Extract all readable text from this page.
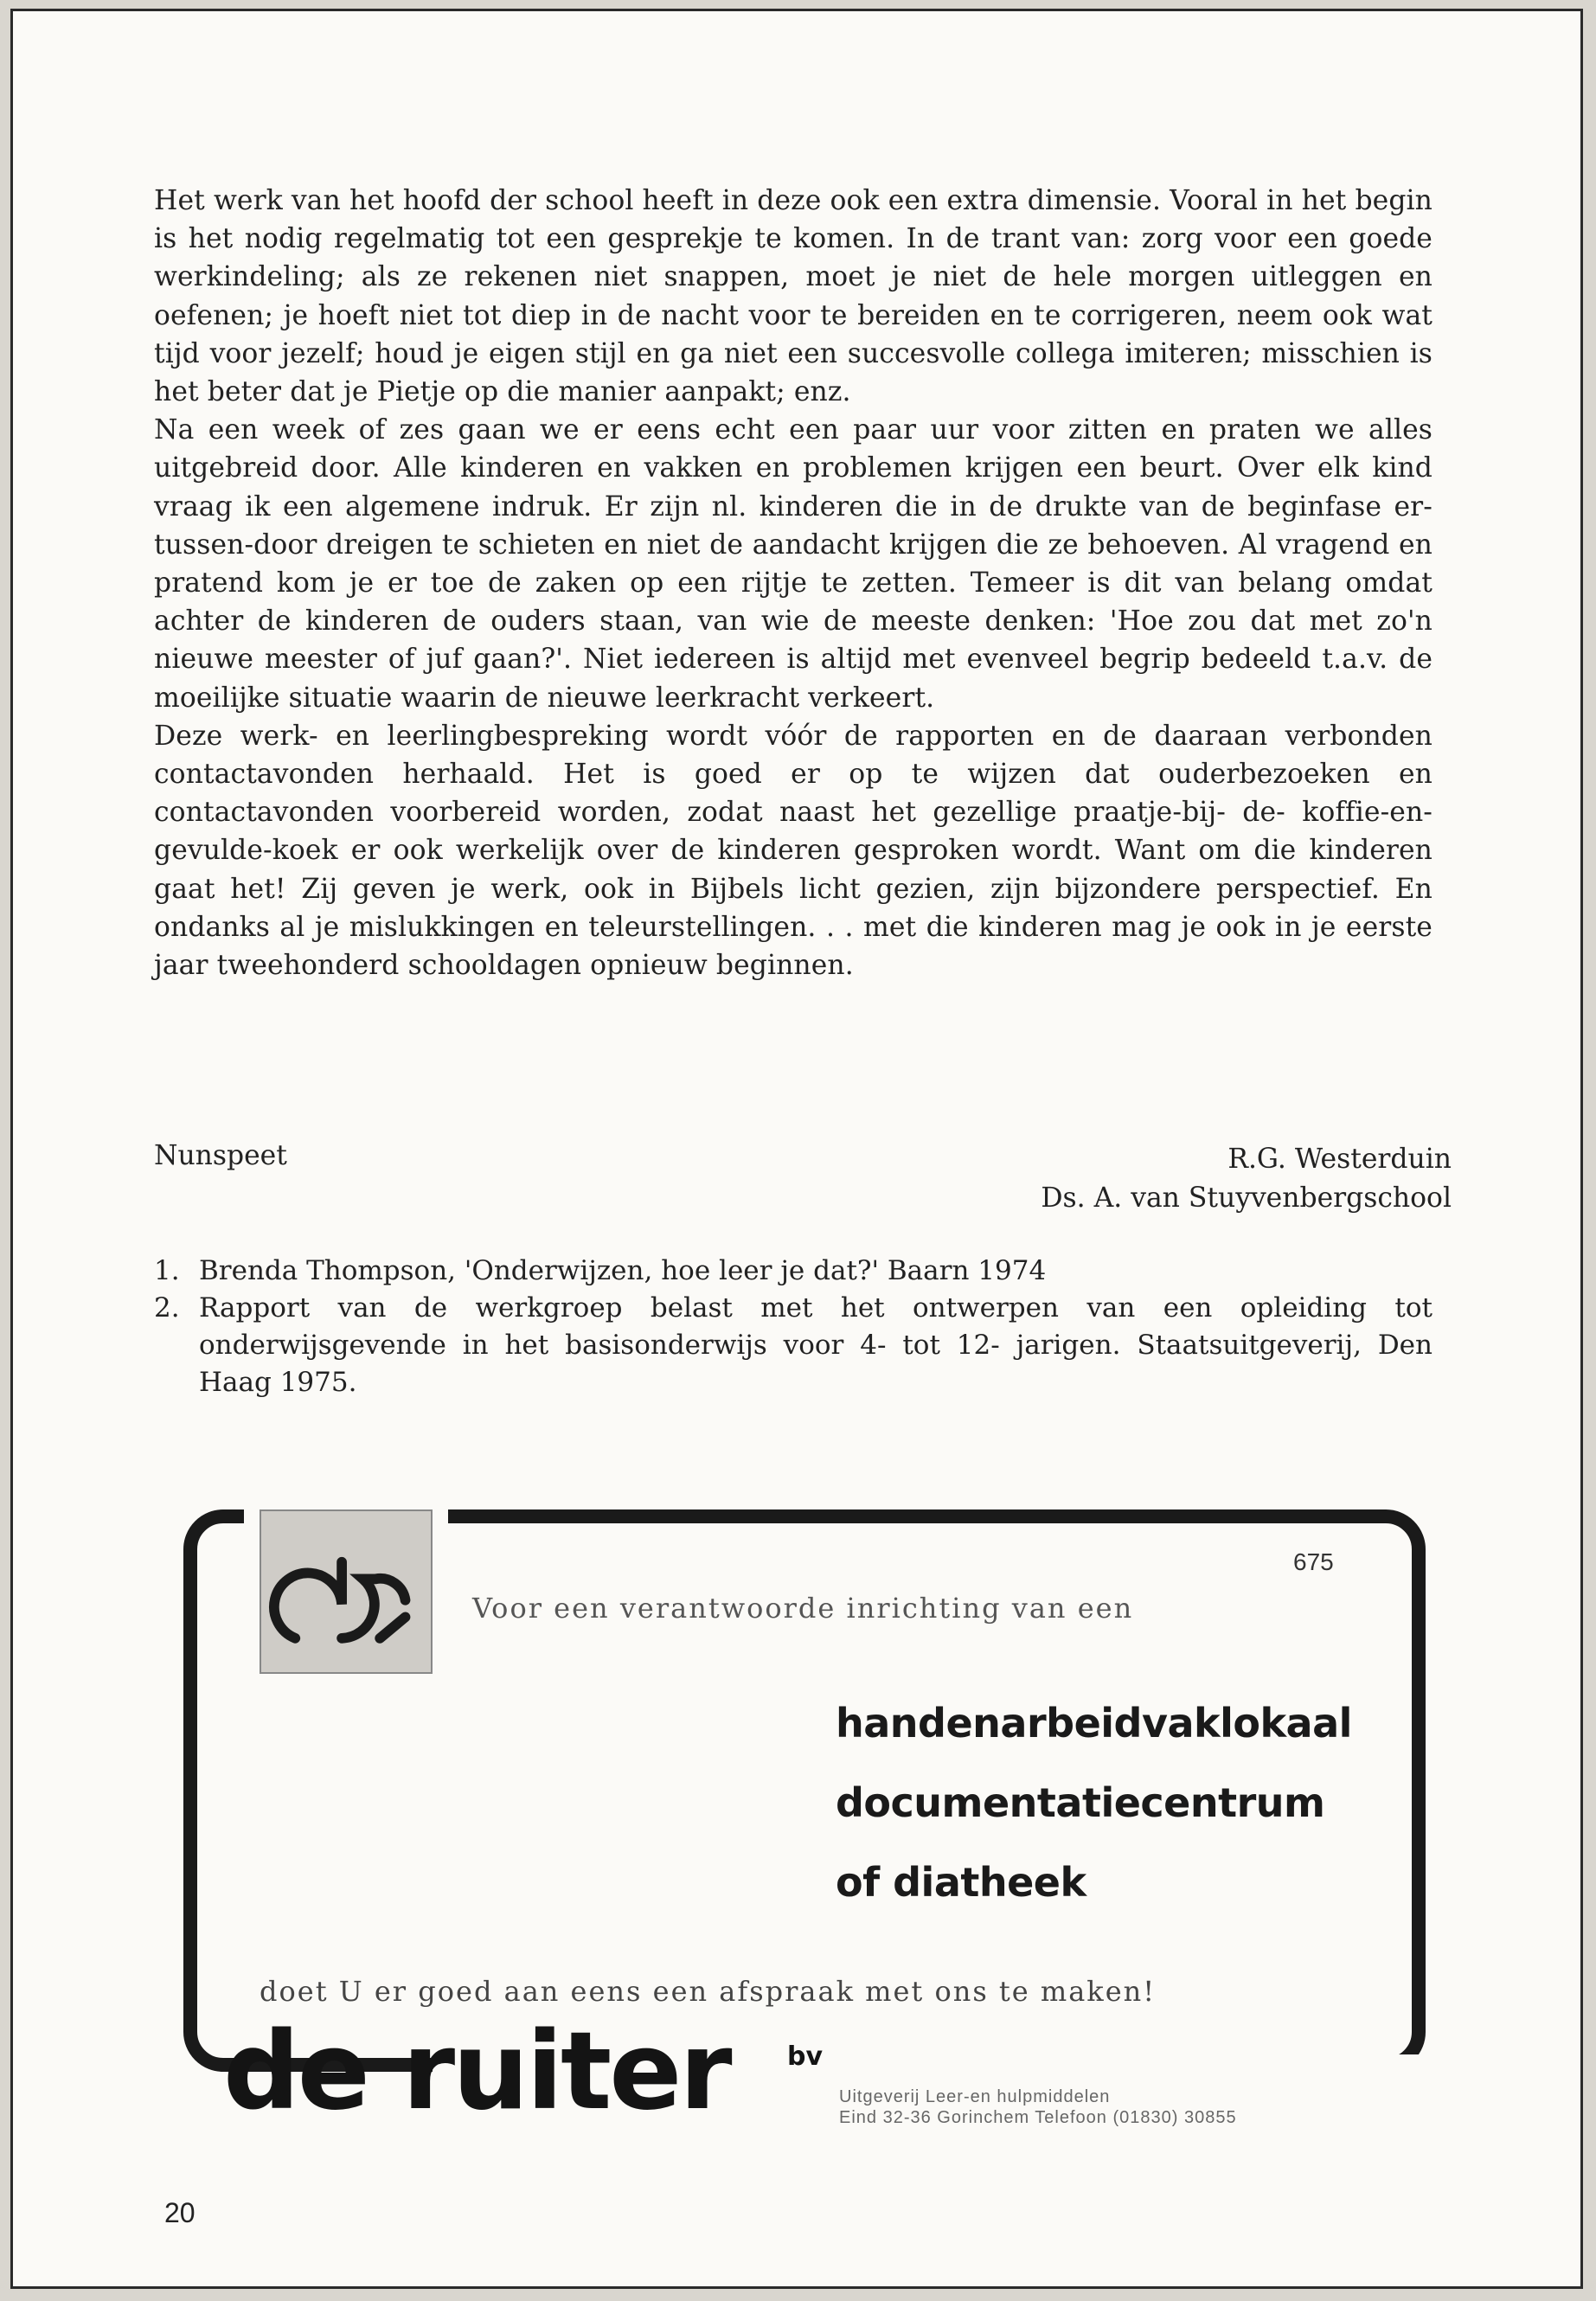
Het werk van het hoofd der school heeft in deze ook een extra dimensie. Vooral in het begin is het nodig regelmatig tot een gesprekje te komen. In de trant van: zorg voor een goede werkindeling; als ze rekenen niet snappen, moet je niet de hele morgen uitleggen en oefenen; je hoeft niet tot diep in de nacht voor te bereiden en te corrigeren, neem ook wat tijd voor jezelf; houd je eigen stijl en ga niet een succesvolle collega imiteren; misschien is het beter dat je Pietje op die manier aanpakt; enz.

Na een week of zes gaan we er eens echt een paar uur voor zitten en praten we alles uitgebreid door. Alle kinderen en vakken en problemen krijgen een beurt. Over elk kind vraag ik een algemene indruk. Er zijn nl. kinderen die in de drukte van de beginfase er-tussen-door dreigen te schieten en niet de aandacht krijgen die ze behoeven. Al vragend en pratend kom je er toe de zaken op een rijtje te zetten. Temeer is dit van belang omdat achter de kinderen de ouders staan, van wie de meeste denken: 'Hoe zou dat met zo'n nieuwe meester of juf gaan?'. Niet iedereen is altijd met evenveel begrip bedeeld t.a.v. de moeilijke situatie waarin de nieuwe leerkracht verkeert.

Deze werk- en leerlingbespreking wordt vóór de rapporten en de daaraan verbonden contactavonden herhaald. Het is goed er op te wijzen dat ouderbezoeken en contactavonden voorbereid worden, zodat naast het gezellige praatje-bij- de- koffie-en-gevulde-koek er ook werkelijk over de kinderen gesproken wordt. Want om die kinderen gaat het! Zij geven je werk, ook in Bijbels licht gezien, zijn bijzondere perspectief. En ondanks al je mislukkingen en teleurstellingen. . . met die kinderen mag je ook in je eerste jaar tweehonderd schooldagen opnieuw beginnen.

Nunspeet	R.G. Westerduin
Ds. A. van Stuyvenbergschool
1. Brenda Thompson, 'Onderwijzen, hoe leer je dat?' Baarn 1974
2. Rapport van de werkgroep belast met het ontwerpen van een opleiding tot onderwijsgevende in het basisonderwijs voor 4- tot 12- jarigen. Staatsuitgeverij, Den Haag 1975.
675
Voor een verantwoorde inrichting van een
handenarbeidvaklokaal
documentatiecentrum
of diatheek
doet U er goed aan eens een afspraak met ons te maken!
de ruiter bv
Uitgeverij Leer-en hulpmiddelen
Eind 32-36 Gorinchem Telefoon (01830) 30855
20
